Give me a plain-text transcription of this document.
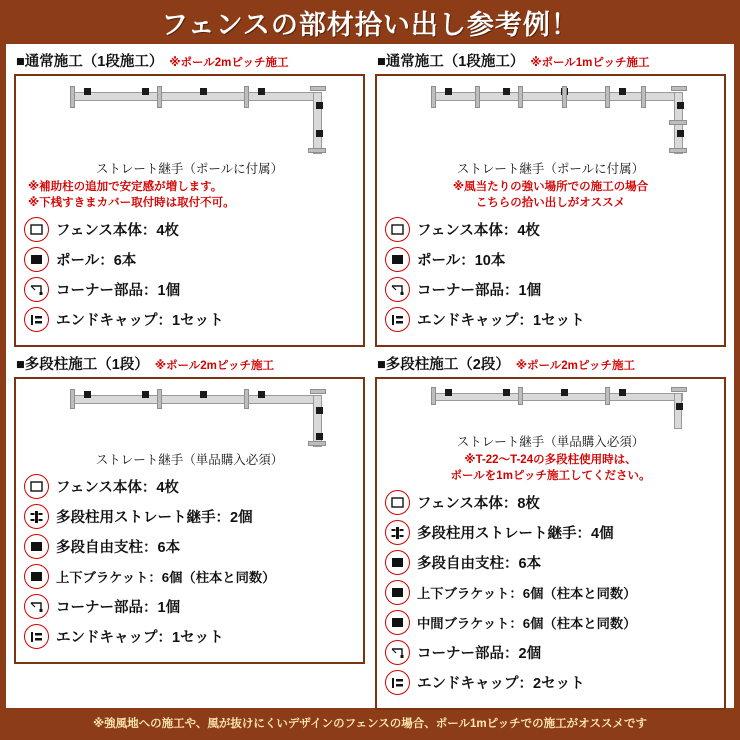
フェンスの部材拾い出し参考例！
■通常施工（1段施工） ※ポール2mピッチ施工
ストレート継手（ポールに付属）
※補助柱の追加で安定感が増します。
※下桟すきまカバー取付時は取付不可。
フェンス本体：4枚
ポール：6本
コーナー部品：1個
エンドキャップ：1セット
■通常施工（1段施工） ※ポール1mピッチ施工
ストレート継手（ポールに付属）
※風当たりの強い場所での施工の場合
こちらの拾い出しがオススメ
フェンス本体：4枚
ポール：10本
コーナー部品：1個
エンドキャップ：1セット
■多段柱施工（1段） ※ポール2mピッチ施工
ストレート継手（単品購入必須）
フェンス本体：4枚
多段柱用ストレート継手：2個
多段自由支柱：6本
上下ブラケット：6個（柱本と同数）
コーナー部品：1個
エンドキャップ：1セット
■多段柱施工（2段） ※ポール2mピッチ施工
ストレート継手（単品購入必須）
※T-22〜T-24の多段柱使用時は、
ポールを1mピッチ施工してください。
フェンス本体：8枚
多段柱用ストレート継手：4個
多段自由支柱：6本
上下ブラケット：6個（柱本と同数）
中間ブラケット：6個（柱本と同数）
コーナー部品：2個
エンドキャップ：2セット
※強風地への施工や、風が抜けにくいデザインのフェンスの場合、ポール1mピッチでの施工がオススメです
